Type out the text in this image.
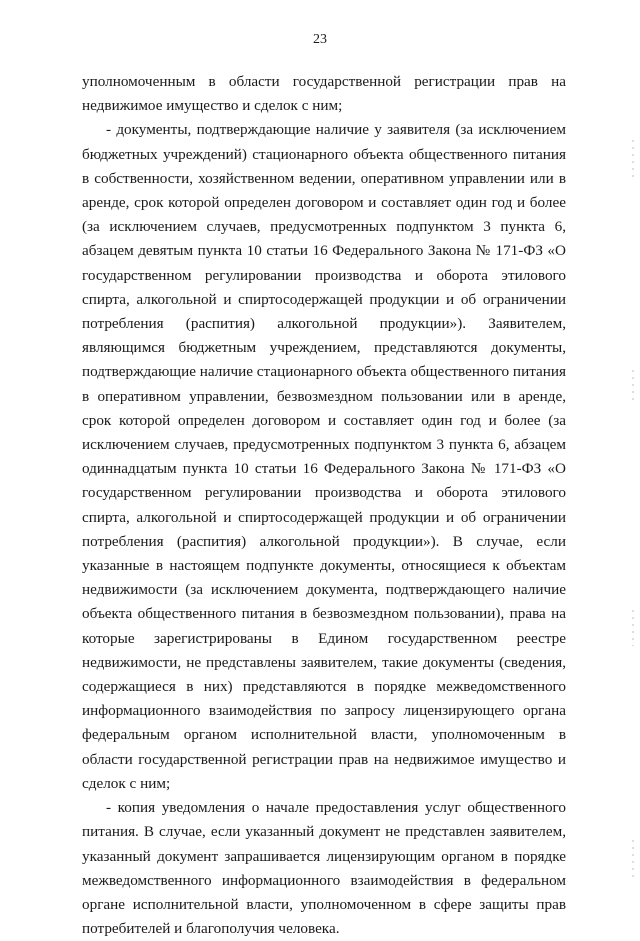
23

уполномоченным в области государственной регистрации прав на недвижимое имущество и сделок с ним;

- документы, подтверждающие наличие у заявителя (за исключением бюджетных учреждений) стационарного объекта общественного питания в собственности, хозяйственном ведении, оперативном управлении или в аренде, срок которой определен договором и составляет один год и более (за исключением случаев, предусмотренных подпунктом 3 пункта 6, абзацем девятым пункта 10 статьи 16 Федерального Закона № 171-ФЗ «О государственном регулировании производства и оборота этилового спирта, алкогольной и спиртосодержащей продукции и об ограничении потребления (распития) алкогольной продукции»). Заявителем, являющимся бюджетным учреждением, представляются документы, подтверждающие наличие стационарного объекта общественного питания в оперативном управлении, безвозмездном пользовании или в аренде, срок которой определен договором и составляет один год и более (за исключением случаев, предусмотренных подпунктом 3 пункта 6, абзацем одиннадцатым пункта 10 статьи 16 Федерального Закона № 171-ФЗ «О государственном регулировании производства и оборота этилового спирта, алкогольной и спиртосодержащей продукции и об ограничении потребления (распития) алкогольной продукции»). В случае, если указанные в настоящем подпункте документы, относящиеся к объектам недвижимости (за исключением документа, подтверждающего наличие объекта общественного питания в безвозмездном пользовании), права на которые зарегистрированы в Едином государственном реестре недвижимости, не представлены заявителем, такие документы (сведения, содержащиеся в них) представляются в порядке межведомственного информационного взаимодействия по запросу лицензирующего органа федеральным органом исполнительной власти, уполномоченным в области государственной регистрации прав на недвижимое имущество и сделок с ним;

- копия уведомления о начале предоставления услуг общественного питания. В случае, если указанный документ не представлен заявителем, указанный документ запрашивается лицензирующим органом в порядке межведомственного информационного взаимодействия в федеральном органе исполнительной власти, уполномоченном в сфере защиты прав потребителей и благополучия человека.
